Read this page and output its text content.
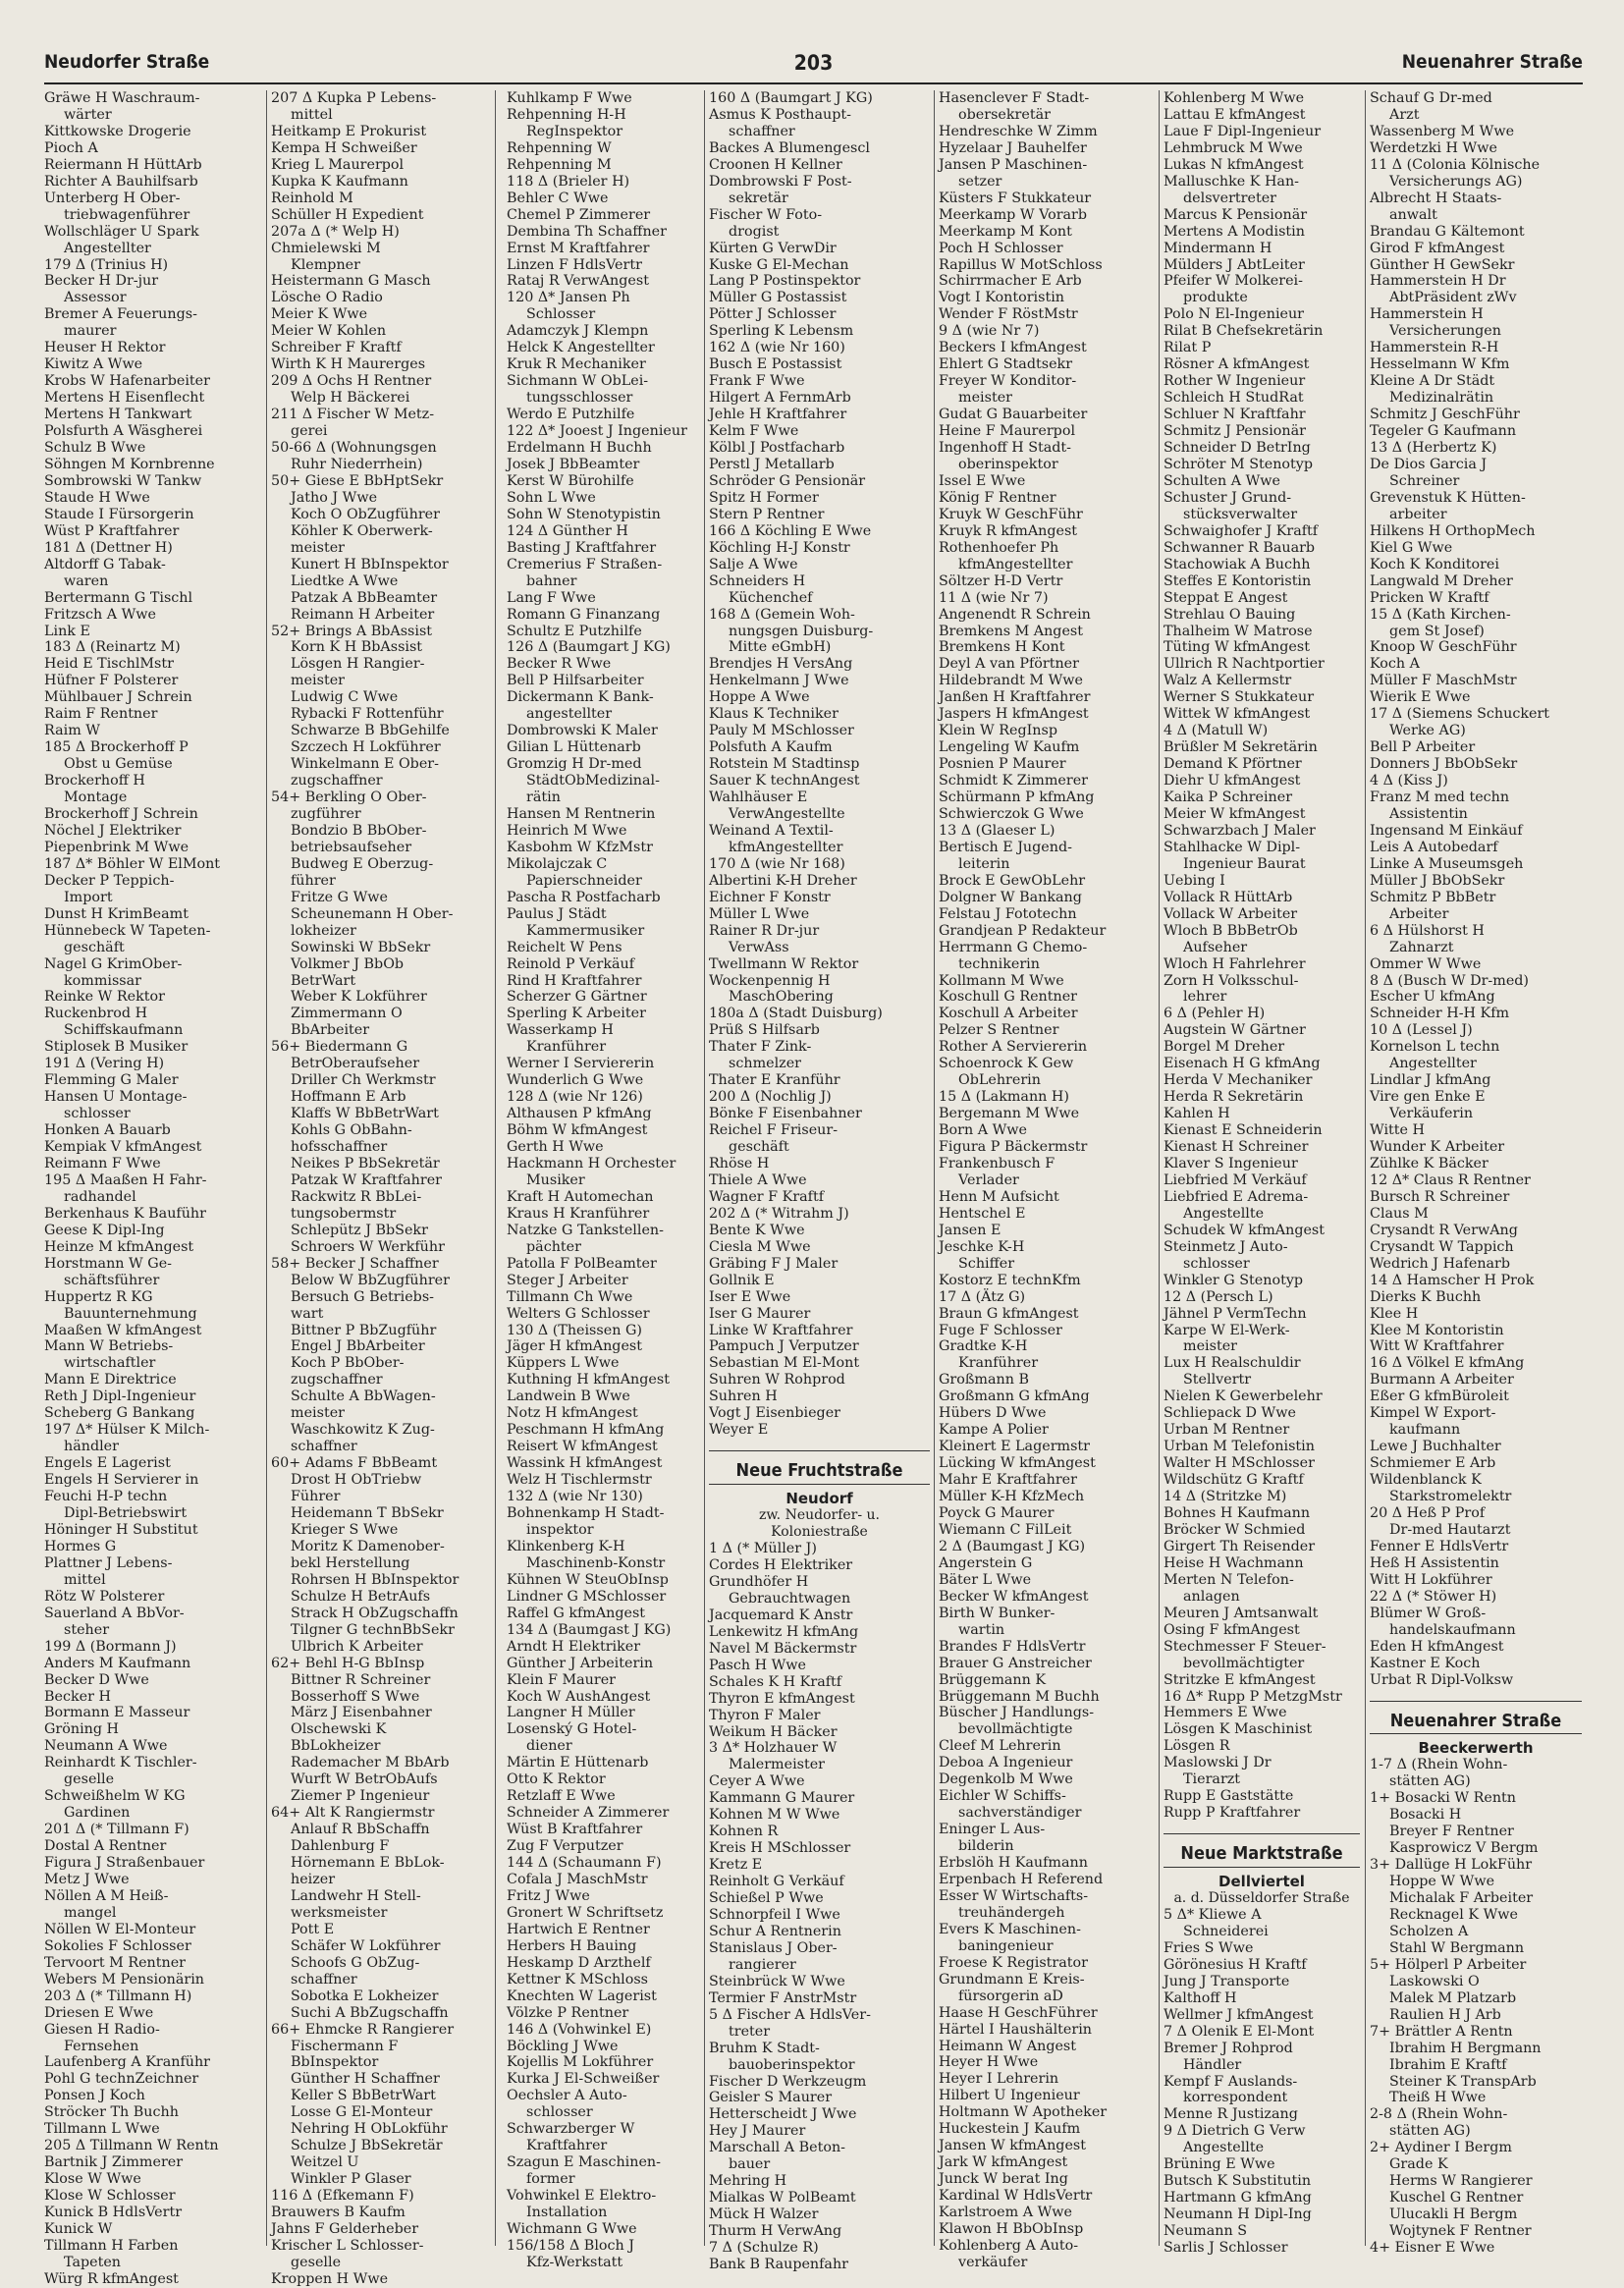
Neudorfer Straße	203	Neuenahrer Straße
Gräwe H Waschraum-
wärter
Kittkowske Drogerie
Pioch A
Reiermann H HüttArb
Richter A Bauhilfsarb
Unterberg H Ober-
triebwagenführer
Wollschläger U Spark
Angestellter
179 Δ (Trinius H)
Becker H Dr-jur
Assessor
Bremer A Feuerungs-
maurer
Heuser H Rektor
Kiwitz A Wwe
Krobs W Hafenarbeiter
Mertens H Eisenflecht
Mertens H Tankwart
Polsfurth A Wäsgherei
Schulz B Wwe
Söhngen M Kornbrenne
Sombrowski W Tankw
Staude H Wwe
Staude I Fürsorgerin
Wüst P Kraftfahrer
181 Δ (Dettner H)
Altdorff G Tabak-
waren
Bertermann G Tischl
Fritzsch A Wwe
Link E
183 Δ (Reinartz M)
Heid E TischlMstr
Hüfner F Polsterer
Mühlbauer J Schrein
Raim F Rentner
Raim W
185 Δ Brockerhoff P
Obst u Gemüse
Brockerhoff H
Montage
Brockerhoff J Schrein
Nöchel J Elektriker
Piepenbrink M Wwe
187 Δ* Böhler W ElMont
Decker P Teppich-
Import
Dunst H KrimBeamt
Hünnebeck W Tapeten-
geschäft
Nagel G KrimOber-
kommissar
Reinke W Rektor
Ruckenbrod H
Schiffskaufmann
Stiplosek B Musiker
191 Δ (Vering H)
Flemming G Maler
Hansen U Montage-
schlosser
Honken A Bauarb
Kempiak V kfmAngest
Reimann F Wwe
195 Δ Maaßen H Fahr-
radhandel
Berkenhaus K Bauführ
Geese K Dipl-Ing
Heinze M kfmAngest
Horstmann W Ge-
schäftsführer
Huppertz R KG
Bauunternehmung
Maaßen W kfmAngest
Mann W Betriebs-
wirtschaftler
Mann E Direktrice
Reth J Dipl-Ingenieur
Scheberg G Bankang
197 Δ* Hülser K Milch-
händler
Engels E Lagerist
Engels H Servierer in
Feuchi H-P techn
Dipl-Betriebswirt
Höninger H Substitut
Hormes G
Plattner J Lebens-
mittel
Rötz W Polsterer
Sauerland A BbVor-
steher
199 Δ (Bormann J)
Anders M Kaufmann
Becker D Wwe
Becker H
Bormann E Masseur
Gröning H
Neumann A Wwe
Reinhardt K Tischler-
geselle
Schweißhelm W KG
Gardinen
201 Δ (* Tillmann F)
Dostal A Rentner
Figura J Straßenbauer
Metz J Wwe
Nöllen A M Heiß-
mangel
Nöllen W El-Monteur
Sokolies F Schlosser
Tervoort M Rentner
Webers M Pensionärin
203 Δ (* Tillmann H)
Driesen E Wwe
Giesen H Radio-
Fernsehen
Laufenberg A Kranführ
Pohl G technZeichner
Ponsen J Koch
Ströcker Th Buchh
Tillmann L Wwe
205 Δ Tillmann W Rentn
Bartnik J Zimmerer
Klose W Wwe
Klose W Schlosser
Kunick B HdlsVertr
Kunick W
Tillmann H Farben
Tapeten
Würg R kfmAngest
207 Δ Kupka P Lebens-
mittel
Heitkamp E Prokurist
Kempa H Schweißer
Krieg L Maurerpol
Kupka K Kaufmann
Reinhold M
Schüller H Expedient
207a Δ (* Welp H)
Chmielewski M
Klempner
Heistermann G Masch
Lösche O Radio
Meier K Wwe
Meier W Kohlen
Schreiber F Kraftf
Wirth K H Maurerges
209 Δ Ochs H Rentner
Welp H Bäckerei
211 Δ Fischer W Metz-
gerei
50-66 Δ (Wohnungsgen
Ruhr Niederrhein)
50+ Giese E BbHptSekr
Jatho J Wwe
Koch O ObZugführer
Köhler K Oberwerk-
meister
Kunert H BbInspektor
Liedtke A Wwe
Patzak A BbBeamter
Reimann H Arbeiter
52+ Brings A BbAssist
Korn K H BbAssist
Lösgen H Rangier-
meister
Ludwig C Wwe
Rybacki F Rottenführ
Schwarze B BbGehilfe
Szczech H Lokführer
Winkelmann E Ober-
zugschaffner
54+ Berkling O Ober-
zugführer
Bondzio B BbOber-
betriebsaufseher
Budweg E Oberzug-
führer
Fritze G Wwe
Scheunemann H Ober-
lokheizer
Sowinski W BbSekr
Volkmer J BbOb
BetrWart
Weber K Lokführer
Zimmermann O
BbArbeiter
56+ Biedermann G
BetrOberaufseher
Driller Ch Werkmstr
Hoffmann E Arb
Klaffs W BbBetrWart
Kohls G ObBahn-
hofsschaffner
Neikes P BbSekretär
Patzak W Kraftfahrer
Rackwitz R BbLei-
tungsobermstr
Schlepütz J BbSekr
Schroers W Werkführ
58+ Becker J Schaffner
Below W BbZugführer
Bersuch G Betriebs-
wart
Bittner P BbZugführ
Engel J BbArbeiter
Koch P BbOber-
zugschaffner
Schulte A BbWagen-
meister
Waschkowitz K Zug-
schaffner
60+ Adams F BbBeamt
Drost H ObTriebw
Führer
Heidemann T BbSekr
Krieger S Wwe
Moritz K Damenober-
bekl Herstellung
Rohrsen H BbInspektor
Schulze H BetrAufs
Strack H ObZugschaffn
Tilgner G technBbSekr
Ulbrich K Arbeiter
62+ Behl H-G BbInsp
Bittner R Schreiner
Bosserhoff S Wwe
März J Eisenbahner
Olschewski K
BbLokheizer
Rademacher M BbArb
Wurft W BetrObAufs
Ziemer P Ingenieur
64+ Alt K Rangiermstr
Anlauf R BbSchaffn
Dahlenburg F
Hörnemann E BbLok-
heizer
Landwehr H Stell-
werksmeister
Pott E
Schäfer W Lokführer
Schoofs G ObZug-
schaffner
Sobotka E Lokheizer
Suchi A BbZugschaffn
66+ Ehmcke R Rangierer
Fischermann F
BbInspektor
Günther H Schaffner
Keller S BbBetrWart
Losse G El-Monteur
Nehring H ObLokführ
Schulze J BbSekretär
Weitzel U
Winkler P Glaser
116 Δ (Efkemann F)
Brauwers B Kaufm
Jahns F Gelderheber
Krischer L Schlosser-
geselle
Kroppen H Wwe
Kuhlkamp F Wwe
Rehpenning H-H
RegInspektor
Rehpenning W
Rehpenning M
118 Δ (Brieler H)
Behler C Wwe
Chemel P Zimmerer
Dembina Th Schaffner
Ernst M Kraftfahrer
Linzen F HdlsVertr
Rataj R VerwAngest
120 Δ* Jansen Ph
Schlosser
Adamczyk J Klempn
Helck K Angestellter
Kruk R Mechaniker
Sichmann W ObLei-
tungsschlosser
Werdo E Putzhilfe
122 Δ* Jooest J Ingenieur
Erdelmann H Buchh
Josek J BbBeamter
Kerst W Bürohilfe
Sohn L Wwe
Sohn W Stenotypistin
124 Δ Günther H
Basting J Kraftfahrer
Cremerius F Straßen-
bahner
Lang F Wwe
Romann G Finanzang
Schultz E Putzhilfe
126 Δ (Baumgart J KG)
Becker R Wwe
Bell P Hilfsarbeiter
Dickermann K Bank-
angestellter
Dombrowski K Maler
Gilian L Hüttenarb
Gromzig H Dr-med
StädtObMedizinal-
rätin
Hansen M Rentnerin
Heinrich M Wwe
Kasbohm W KfzMstr
Mikolajczak C
Papierschneider
Pascha R Postfacharb
Paulus J Städt
Kammermusiker
Reichelt W Pens
Reinold P Verkäuf
Rind H Kraftfahrer
Scherzer G Gärtner
Sperling K Arbeiter
Wasserkamp H
Kranführer
Werner I Serviererin
Wunderlich G Wwe
128 Δ (wie Nr 126)
Althausen P kfmAng
Böhm W kfmAngest
Gerth H Wwe
Hackmann H Orchester
Musiker
Kraft H Automechan
Kraus H Kranführer
Natzke G Tankstellen-
pächter
Patolla F PolBeamter
Steger J Arbeiter
Tillmann Ch Wwe
Welters G Schlosser
130 Δ (Theissen G)
Jäger H kfmAngest
Küppers L Wwe
Kuthning H kfmAngest
Landwein B Wwe
Notz H kfmAngest
Peschmann H kfmAng
Reisert W kfmAngest
Wassink H kfmAngest
Welz H Tischlermstr
132 Δ (wie Nr 130)
Bohnenkamp H Stadt-
inspektor
Klinkenberg K-H
Maschinenb-Konstr
Kühnen W SteuObInsp
Lindner G MSchlosser
Raffel G kfmAngest
134 Δ (Baumgast J KG)
Arndt H Elektriker
Günther J Arbeiterin
Klein F Maurer
Koch W AushAngest
Langner H Müller
Losenský G Hotel-
diener
Märtin E Hüttenarb
Otto K Rektor
Retzlaff E Wwe
Schneider A Zimmerer
Wüst B Kraftfahrer
Zug F Verputzer
144 Δ (Schaumann F)
Cofala J MaschMstr
Fritz J Wwe
Gronert W Schriftsetz
Hartwich E Rentner
Herbers H Bauing
Heskamp D Arzthelf
Kettner K MSchloss
Knechten W Lagerist
Völzke P Rentner
146 Δ (Vohwinkel E)
Böckling J Wwe
Kojellis M Lokführer
Kurka J El-Schweißer
Oechsler A Auto-
schlosser
Schwarzberger W
Kraftfahrer
Szagun E Maschinen-
former
Vohwinkel E Elektro-
Installation
Wichmann G Wwe
156/158 Δ Bloch J
Kfz-Werkstatt
160 Δ (Baumgart J KG)
Asmus K Posthaupt-
schaffner
Backes A Blumengescl
Croonen H Kellner
Dombrowski F Post-
sekretär
Fischer W Foto-
drogist
Kürten G VerwDir
Kuske G El-Mechan
Lang P Postinspektor
Müller G Postassist
Pötter J Schlosser
Sperling K Lebensm
162 Δ (wie Nr 160)
Busch E Postassist
Frank F Wwe
Hilgert A FernmArb
Jehle H Kraftfahrer
Kelm F Wwe
Kölbl J Postfacharb
Perstl J Metallarb
Schröder G Pensionär
Spitz H Former
Stern P Rentner
166 Δ Köchling E Wwe
Köchling H-J Konstr
Salje A Wwe
Schneiders H
Küchenchef
168 Δ (Gemein Woh-
nungsgen Duisburg-
Mitte eGmbH)
Brendjes H VersAng
Henkelmann J Wwe
Hoppe A Wwe
Klaus K Techniker
Pauly M MSchlosser
Polsfuth A Kaufm
Rotstein M Stadtinsp
Sauer K technAngest
Wahlhäuser E
VerwAngestellte
Weinand A Textil-
kfmAngestellter
170 Δ (wie Nr 168)
Albertini K-H Dreher
Eichner F Konstr
Müller L Wwe
Rainer R Dr-jur
VerwAss
Twellmann W Rektor
Wockenpennig H
MaschObering
180a Δ (Stadt Duisburg)
Prüß S Hilfsarb
Thater F Zink-
schmelzer
Thater E Kranführ
200 Δ (Nochlig J)
Bönke F Eisenbahner
Reichel F Friseur-
geschäft
Rhöse H
Thiele A Wwe
Wagner F Kraftf
202 Δ (* Witrahm J)
Bente K Wwe
Ciesla M Wwe
Gräbing F J Maler
Gollnik E
Iser E Wwe
Iser G Maurer
Linke W Kraftfahrer
Pampuch J Verputzer
Sebastian M El-Mont
Suhren W Rohprod
Suhren H
Vogt J Eisenbieger
Weyer E
Neue Fruchtstraße
Neudorf
zw. Neudorfer- u.
Koloniestraße
1 Δ (* Müller J)
Cordes H Elektriker
Grundhöfer H
Gebrauchtwagen
Jacquemard K Anstr
Lenkewitz H kfmAng
Navel M Bäckermstr
Pasch H Wwe
Schales K H Kraftf
Thyron E kfmAngest
Thyron F Maler
Weikum H Bäcker
3 Δ* Holzhauer W
Malermeister
Ceyer A Wwe
Kammann G Maurer
Kohnen M W Wwe
Kohnen R
Kreis H MSchlosser
Kretz E
Reinholt G Verkäuf
Schießel P Wwe
Schnorpfeil I Wwe
Schur A Rentnerin
Stanislaus J Ober-
rangierer
Steinbrück W Wwe
Termier F AnstrMstr
5 Δ Fischer A HdlsVer-
treter
Bruhm K Stadt-
bauoberinspektor
Fischer D Werkzeugm
Geisler S Maurer
Hetterscheidt J Wwe
Hey J Maurer
Marschall A Beton-
bauer
Mehring H
Mialkas W PolBeamt
Mück H Walzer
Thurm H VerwAng
7 Δ (Schulze R)
Bank B Raupenfahr
Hasenclever F Stadt-
obersekretär
Hendreschke W Zimm
Hyzelaar J Bauhelfer
Jansen P Maschinen-
setzer
Küsters F Stukkateur
Meerkamp W Vorarb
Meerkamp M Kont
Poch H Schlosser
Rapillus W MotSchloss
Schirrmacher E Arb
Vogt I Kontoristin
Wender F RöstMstr
9 Δ (wie Nr 7)
Beckers I kfmAngest
Ehlert G Stadtsekr
Freyer W Konditor-
meister
Gudat G Bauarbeiter
Heine F Maurerpol
Ingenhoff H Stadt-
oberinspektor
Issel E Wwe
König F Rentner
Kruyk W GeschFühr
Kruyk R kfmAngest
Rothenhoefer Ph
kfmAngestellter
Söltzer H-D Vertr
11 Δ (wie Nr 7)
Angenendt R Schrein
Bremkens M Angest
Bremkens H Kont
Deyl A van Pförtner
Hildebrandt M Wwe
Janßen H Kraftfahrer
Jaspers H kfmAngest
Klein W RegInsp
Lengeling W Kaufm
Posnien P Maurer
Schmidt K Zimmerer
Schürmann P kfmAng
Schwierczok G Wwe
13 Δ (Glaeser L)
Bertisch E Jugend-
leiterin
Brock E GewObLehr
Dolgner W Bankang
Felstau J Fototechn
Grandjean P Redakteur
Herrmann G Chemo-
technikerin
Kollmann M Wwe
Koschull G Rentner
Koschull A Arbeiter
Pelzer S Rentner
Rother A Serviererin
Schoenrock K Gew
ObLehrerin
15 Δ (Lakmann H)
Bergemann M Wwe
Born A Wwe
Figura P Bäckermstr
Frankenbusch F
Verlader
Henn M Aufsicht
Hentschel E
Jansen E
Jeschke K-H
Schiffer
Kostorz E technKfm
17 Δ (Ätz G)
Braun G kfmAngest
Fuge F Schlosser
Gradtke K-H
Kranführer
Großmann B
Großmann G kfmAng
Hübers D Wwe
Kampe A Polier
Kleinert E Lagermstr
Lücking W kfmAngest
Mahr E Kraftfahrer
Müller K-H KfzMech
Poyck G Maurer
Wiemann C FilLeit
2 Δ (Baumgast J KG)
Angerstein G
Bäter L Wwe
Becker W kfmAngest
Birth W Bunker-
wartin
Brandes F HdlsVertr
Brauer G Anstreicher
Brüggemann K
Brüggemann M Buchh
Büscher J Handlungs-
bevollmächtigte
Cleef M Lehrerin
Deboa A Ingenieur
Degenkolb M Wwe
Eichler W Schiffs-
sachverständiger
Eninger L Aus-
bilderin
Erbslöh H Kaufmann
Erpenbach H Referend
Esser W Wirtschafts-
treuhändergeh
Evers K Maschinen-
baningenieur
Froese K Registrator
Grundmann E Kreis-
fürsorgerin aD
Haase H GeschFührer
Härtel I Haushälterin
Heimann W Angest
Heyer H Wwe
Heyer I Lehrerin
Hilbert U Ingenieur
Holtmann W Apotheker
Huckestein J Kaufm
Jansen W kfmAngest
Jark W kfmAngest
Junck W berat Ing
Kardinal W HdlsVertr
Karlstroem A Wwe
Klawon H BbObInsp
Kohlenberg A Auto-
verkäufer
Kohlenberg M Wwe
Lattau E kfmAngest
Laue F Dipl-Ingenieur
Lehmbruck M Wwe
Lukas N kfmAngest
Malluschke K Han-
delsvertreter
Marcus K Pensionär
Mertens A Modistin
Mindermann H
Mülders J AbtLeiter
Pfeifer W Molkerei-
produkte
Polo N El-Ingenieur
Rilat B Chefsekretärin
Rilat P
Rösner A kfmAngest
Rother W Ingenieur
Schleich H StudRat
Schluer N Kraftfahr
Schmitz J Pensionär
Schneider D BetrIng
Schröter M Stenotyp
Schulten A Wwe
Schuster J Grund-
stücksverwalter
Schwaighofer J Kraftf
Schwanner R Bauarb
Stachowiak A Buchh
Steffes E Kontoristin
Steppat E Angest
Strehlau O Bauing
Thalheim W Matrose
Tüting W kfmAngest
Ullrich R Nachtportier
Walz A Kellermstr
Werner S Stukkateur
Wittek W kfmAngest
4 Δ (Matull W)
Brüßler M Sekretärin
Demand K Pförtner
Diehr U kfmAngest
Kaika P Schreiner
Meier W kfmAngest
Schwarzbach J Maler
Stahlhacke W Dipl-
Ingenieur Baurat
Uebing I
Vollack R HüttArb
Vollack W Arbeiter
Wloch B BbBetrOb
Aufseher
Wloch H Fahrlehrer
Zorn H Volksschul-
lehrer
6 Δ (Pehler H)
Augstein W Gärtner
Borgel M Dreher
Eisenach H G kfmAng
Herda V Mechaniker
Herda R Sekretärin
Kahlen H
Kienast E Schneiderin
Kienast H Schreiner
Klaver S Ingenieur
Liebfried M Verkäuf
Liebfried E Adrema-
Angestellte
Schudek W kfmAngest
Steinmetz J Auto-
schlosser
Winkler G Stenotyp
12 Δ (Persch L)
Jähnel P VermTechn
Karpe W El-Werk-
meister
Lux H Realschuldir
Stellvertr
Nielen K Gewerbelehr
Schliepack D Wwe
Urban M Rentner
Urban M Telefonistin
Walter H MSchlosser
Wildschütz G Kraftf
14 Δ (Stritzke M)
Bohnes H Kaufmann
Bröcker W Schmied
Girgert Th Reisender
Heise H Wachmann
Merten N Telefon-
anlagen
Meuren J Amtsanwalt
Osing F kfmAngest
Stechmesser F Steuer-
bevollmächtigter
Stritzke E kfmAngest
16 Δ* Rupp P MetzgMstr
Hemmers E Wwe
Lösgen K Maschinist
Lösgen R
Maslowski J Dr
Tierarzt
Rupp E Gaststätte
Rupp P Kraftfahrer
Neue Marktstraße
Dellviertel
a. d. Düsseldorfer Straße
5 Δ* Kliewe A
Schneiderei
Fries S Wwe
Görönesius H Kraftf
Jung J Transporte
Kalthoff H
Wellmer J kfmAngest
7 Δ Olenik E El-Mont
Bremer J Rohprod
Händler
Kempf F Auslands-
korrespondent
Menne R Justizang
9 Δ Dietrich G Verw
Angestellte
Brüning E Wwe
Butsch K Substitutin
Hartmann G kfmAng
Neumann H Dipl-Ing
Neumann S
Sarlis J Schlosser
Schauf G Dr-med
Arzt
Wassenberg M Wwe
Werdetzki H Wwe
11 Δ (Colonia Kölnische
Versicherungs AG)
Albrecht H Staats-
anwalt
Brandau G Kältemont
Girod F kfmAngest
Günther H GewSekr
Hammerstein H Dr
AbtPräsident zWv
Hammerstein H
Versicherungen
Hammerstein R-H
Hesselmann W Kfm
Kleine A Dr Städt
Medizinalrätin
Schmitz J GeschFühr
Tegeler G Kaufmann
13 Δ (Herbertz K)
De Dios Garcia J
Schreiner
Grevenstuk K Hütten-
arbeiter
Hilkens H OrthopMech
Kiel G Wwe
Koch K Konditorei
Langwald M Dreher
Pricken W Kraftf
15 Δ (Kath Kirchen-
gem St Josef)
Knoop W GeschFühr
Koch A
Müller F MaschMstr
Wierik E Wwe
17 Δ (Siemens Schuckert
Werke AG)
Bell P Arbeiter
Donners J BbObSekr
4 Δ (Kiss J)
Franz M med techn
Assistentin
Ingensand M Einkäuf
Leis A Autobedarf
Linke A Museumsgeh
Müller J BbObSekr
Schmitz P BbBetr
Arbeiter
6 Δ Hülshorst H
Zahnarzt
Ommer W Wwe
8 Δ (Busch W Dr-med)
Escher U kfmAng
Schneider H-H Kfm
10 Δ (Lessel J)
Kornelson L techn
Angestellter
Lindlar J kfmAng
Vire gen Enke E
Verkäuferin
Witte H
Wunder K Arbeiter
Zühlke K Bäcker
12 Δ* Claus R Rentner
Bursch R Schreiner
Claus M
Crysandt R VerwAng
Crysandt W Tappich
Wedrich J Hafenarb
14 Δ Hamscher H Prok
Dierks K Buchh
Klee H
Klee M Kontoristin
Witt W Kraftfahrer
16 Δ Völkel E kfmAng
Burmann A Arbeiter
Eßer G kfmBüroleit
Kimpel W Export-
kaufmann
Lewe J Buchhalter
Schmiemer E Arb
Wildenblanck K
Starkstromelektr
20 Δ Heß P Prof
Dr-med Hautarzt
Fenner E HdlsVertr
Heß H Assistentin
Witt H Lokführer
22 Δ (* Stöwer H)
Blümer W Groß-
handelskaufmann
Eden H kfmAngest
Kastner E Koch
Urbat R Dipl-Volksw
Neuenahrer Straße
Beeckerwerth
1-7 Δ (Rhein Wohn-
stätten AG)
1+ Bosacki W Rentn
Bosacki H
Breyer F Rentner
Kasprowicz V Bergm
3+ Dallüge H LokFühr
Hoppe W Wwe
Michalak F Arbeiter
Recknagel K Wwe
Scholzen A
Stahl W Bergmann
5+ Hölperl P Arbeiter
Laskowski O
Malek M Platzarb
Raulien H J Arb
7+ Brättler A Rentn
Ibrahim H Bergmann
Ibrahim E Kraftf
Steiner K TranspArb
Theiß H Wwe
2-8 Δ (Rhein Wohn-
stätten AG)
2+ Aydiner I Bergm
Grade K
Herms W Rangierer
Kuschel G Rentner
Ulucakli H Bergm
Wojtynek F Rentner
4+ Eisner E Wwe
